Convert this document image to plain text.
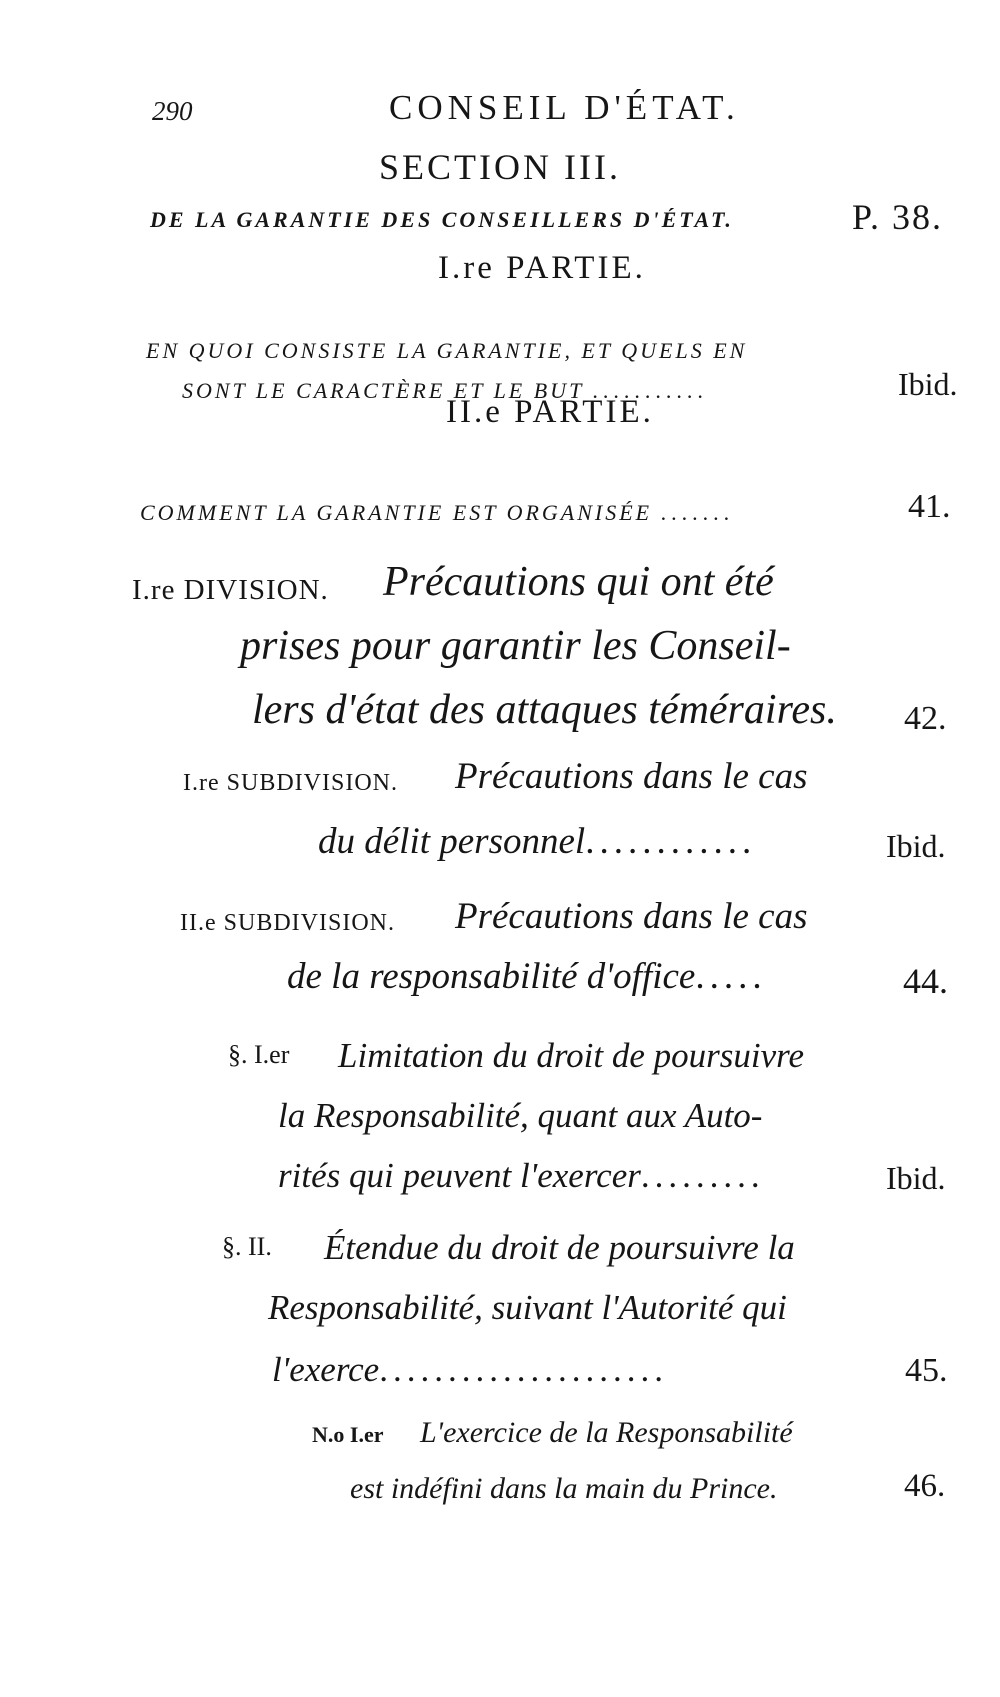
290	CONSEIL D'ÉTAT.
SECTION III.
DE LA GARANTIE DES CONSEILLERS D'ÉTAT.	P. 38.
I.re PARTIE.
EN QUOI CONSISTE LA GARANTIE, ET QUELS EN
SONT LE CARACTÈRE ET LE BUT ...........	Ibid.
II.e PARTIE.
COMMENT LA GARANTIE EST ORGANISÉE .......	41.
I.re DIVISION. Précautions qui ont été
prises pour garantir les Conseil-
lers d'état des attaques téméraires. 42.
I.re SUBDIVISION. Précautions dans le cas
du délit personnel............	Ibid.
II.e SUBDIVISION. Précautions dans le cas
de la responsabilité d'office.....	44.
§. I.er Limitation du droit de poursuivre
la Responsabilité, quant aux Auto-
rités qui peuvent l'exercer.........	Ibid.
§. II. Étendue du droit de poursuivre la
Responsabilité, suivant l'Autorité qui
l'exerce.....................	45.
N.o I.er L'exercice de la Responsabilité
est indéfini dans la main du Prince.	46.
